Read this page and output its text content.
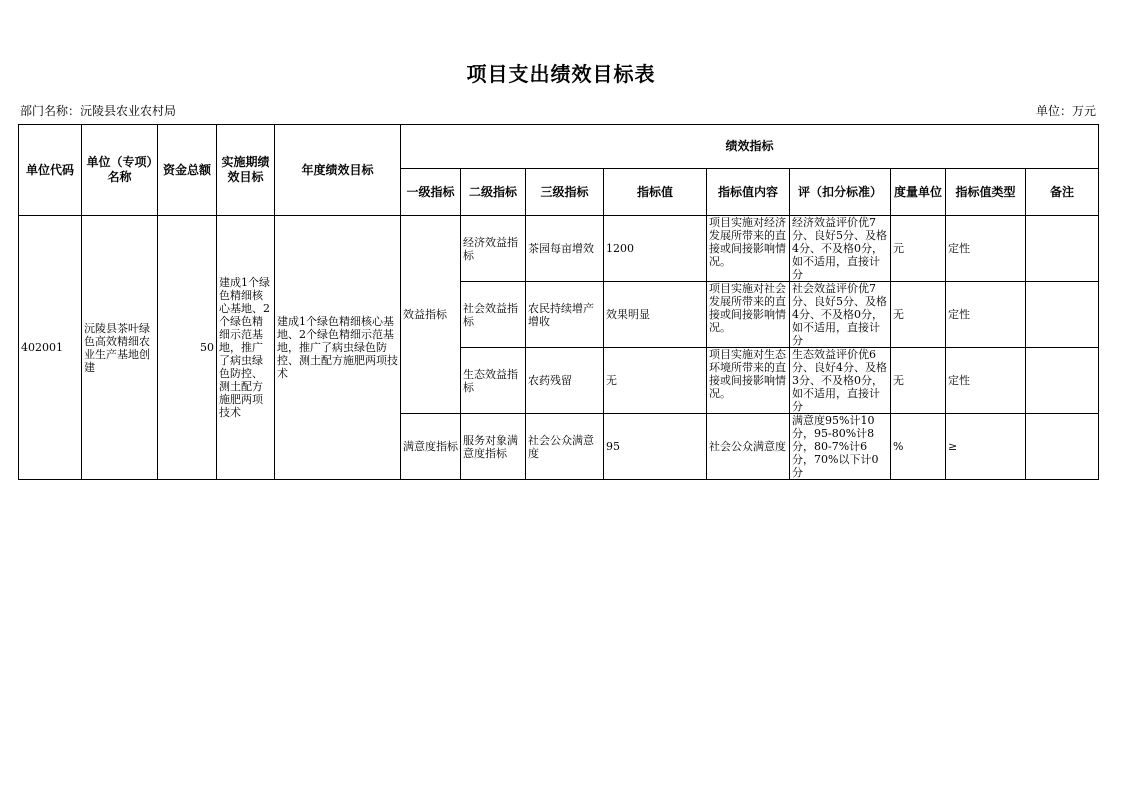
项目支出绩效目标表
部门名称：沅陵县农业农村局	单位：万元
单位代码	单位（专项）名称	资金总额	实施期绩效目标	年度绩效目标	绩效指标								
					一级指标	二级指标	三级指标	指标值	指标值内容	评（扣分标准）	度量单位	指标值类型	备注
402001	沅陵县茶叶绿色高效精细农业生产基地创建	50	建成1个绿色精细核心基地、2个绿色精细示范基地，推广了病虫绿色防控、测土配方施肥两项技术	建成1个绿色精细核心基地、2个绿色精细示范基地，推广了病虫绿色防控、测土配方施肥两项技术	效益指标	经济效益指标	茶园每亩增效	1200	项目实施对经济发展所带来的直接或间接影响情况。	经济效益评价优7分、良好5分、及格4分、不及格0分，如不适用，直接计分	元	定性	
						社会效益指标	农民持续增产增收	效果明显	项目实施对社会发展所带来的直接或间接影响情况。	社会效益评价优7分、良好5分、及格4分、不及格0分，如不适用，直接计分	无	定性	
						生态效益指标	农药残留	无	项目实施对生态环境所带来的直接或间接影响情况。	生态效益评价优6分、良好4分、及格3分、不及格0分，如不适用，直接计分	无	定性	
					满意度指标	服务对象满意度指标	社会公众满意度	95	社会公众满意度	满意度95%计10分，95-80%计8分，80-7%计6分，70%以下计0分	%	≥	
